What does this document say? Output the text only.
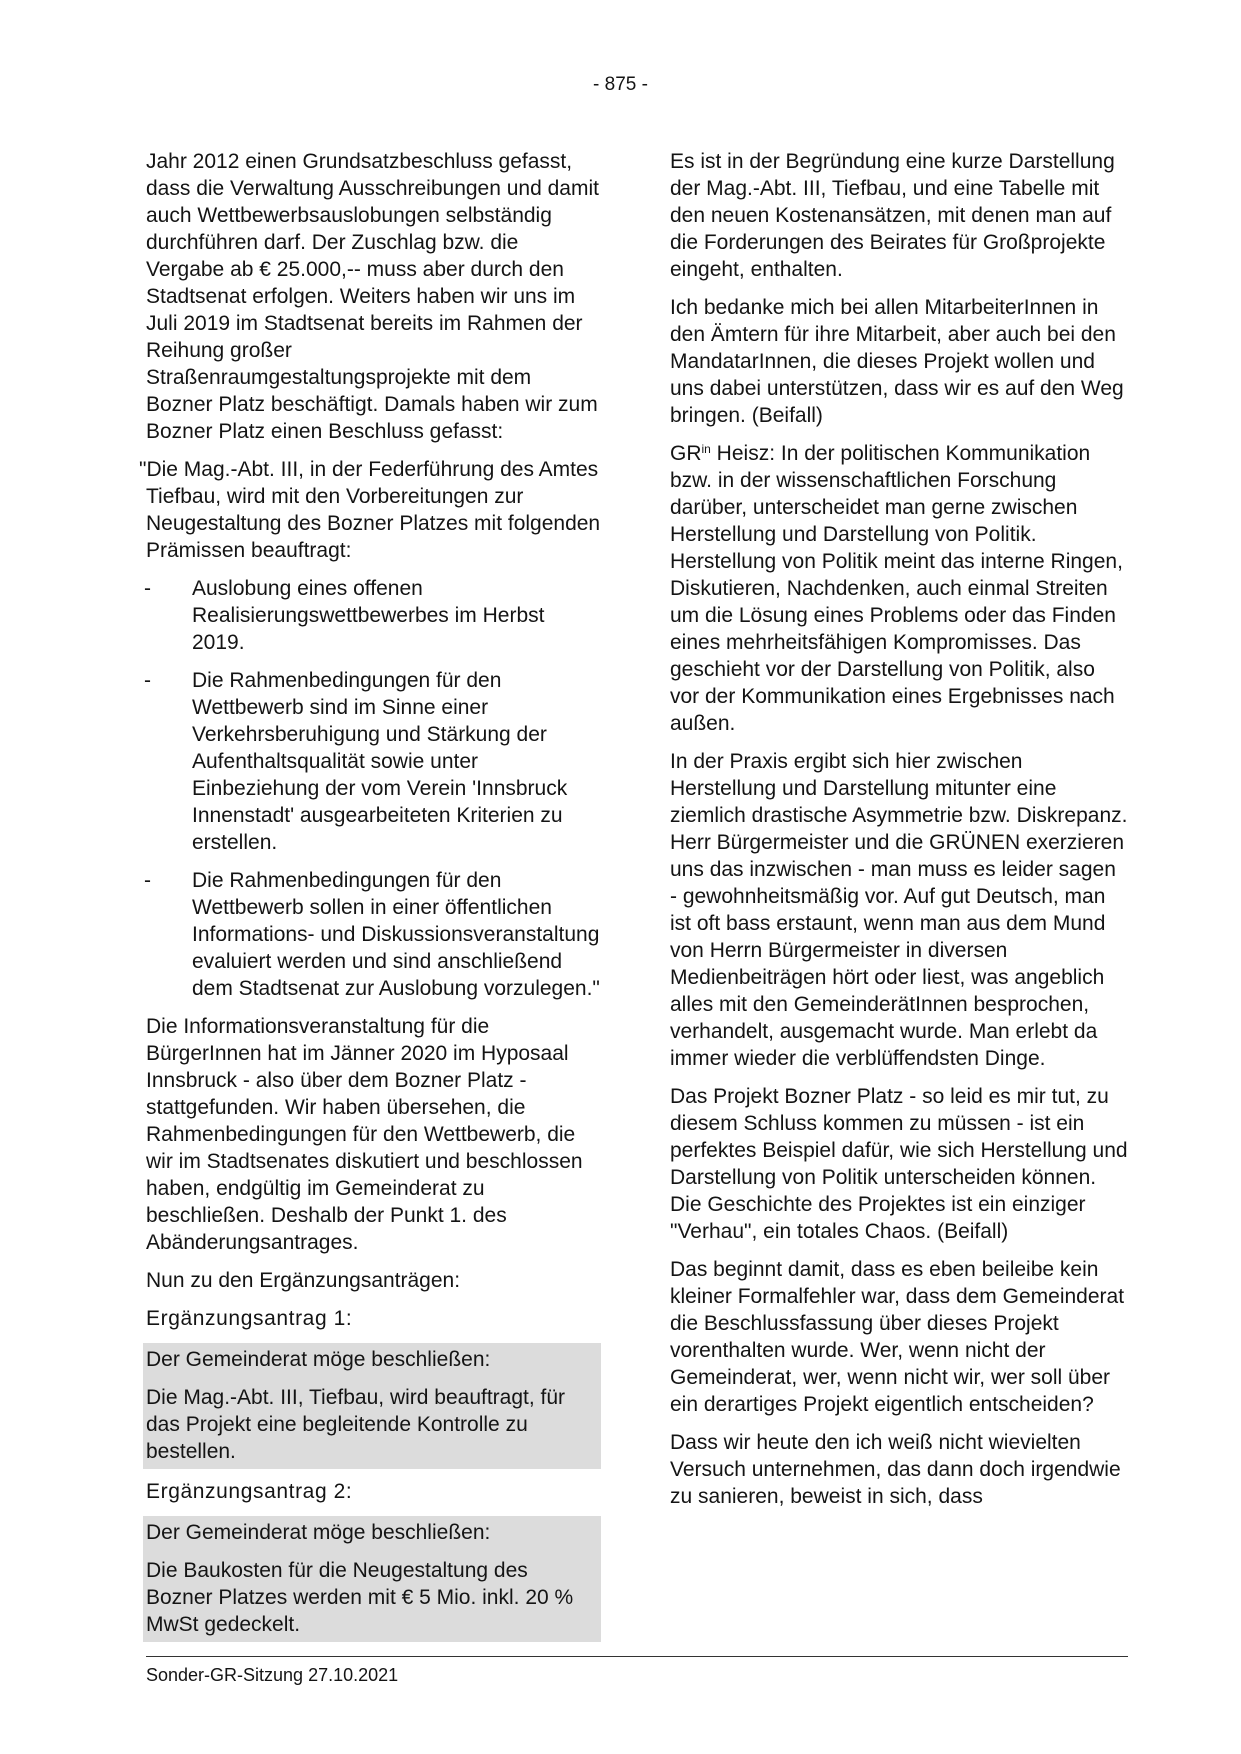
- 875 -

Jahr 2012 einen Grundsatzbeschluss gefasst, dass die Verwaltung Ausschreibungen und damit auch Wettbewerbsauslobungen selbständig durchführen darf. Der Zuschlag bzw. die Vergabe ab € 25.000,-- muss aber durch den Stadtsenat erfolgen. Weiters haben wir uns im Juli 2019 im Stadtsenat bereits im Rahmen der Reihung großer Straßenraumgestaltungsprojekte mit dem Bozner Platz beschäftigt. Damals haben wir zum Bozner Platz einen Beschluss gefasst:

"Die Mag.-Abt. III, in der Federführung des Amtes Tiefbau, wird mit den Vorbereitungen zur Neugestaltung des Bozner Platzes mit folgenden Prämissen beauftragt:

-	Auslobung eines offenen Realisierungswettbewerbes im Herbst 2019.
-	Die Rahmenbedingungen für den Wettbewerb sind im Sinne einer Verkehrsberuhigung und Stärkung der Aufenthaltsqualität sowie unter Einbeziehung der vom Verein 'Innsbruck Innenstadt' ausgearbeiteten Kriterien zu erstellen.
-	Die Rahmenbedingungen für den Wettbewerb sollen in einer öffentlichen Informations- und Diskussionsveranstaltung evaluiert werden und sind anschließend dem Stadtsenat zur Auslobung vorzulegen."

Die Informationsveranstaltung für die BürgerInnen hat im Jänner 2020 im Hyposaal Innsbruck - also über dem Bozner Platz - stattgefunden. Wir haben übersehen, die Rahmenbedingungen für den Wettbewerb, die wir im Stadtsenates diskutiert und beschlossen haben, endgültig im Gemeinderat zu beschließen. Deshalb der Punkt 1. des Abänderungsantrages.

Nun zu den Ergänzungsanträgen:

Ergänzungsantrag 1:

Der Gemeinderat möge beschließen:

Die Mag.-Abt. III, Tiefbau, wird beauftragt, für das Projekt eine begleitende Kontrolle zu bestellen.

Ergänzungsantrag 2:

Der Gemeinderat möge beschließen:

Die Baukosten für die Neugestaltung des Bozner Platzes werden mit € 5 Mio. inkl. 20 % MwSt gedeckelt.

Es ist in der Begründung eine kurze Darstellung der Mag.-Abt. III, Tiefbau, und eine Tabelle mit den neuen Kostenansätzen, mit denen man auf die Forderungen des Beirates für Großprojekte eingeht, enthalten.

Ich bedanke mich bei allen MitarbeiterInnen in den Ämtern für ihre Mitarbeit, aber auch bei den MandatarInnen, die dieses Projekt wollen und uns dabei unterstützen, dass wir es auf den Weg bringen. (Beifall)

$GR^{in}$ Heisz: In der politischen Kommunikation bzw. in der wissenschaftlichen Forschung darüber, unterscheidet man gerne zwischen Herstellung und Darstellung von Politik. Herstellung von Politik meint das interne Ringen, Diskutieren, Nachdenken, auch einmal Streiten um die Lösung eines Problems oder das Finden eines mehrheitsfähigen Kompromisses. Das geschieht vor der Darstellung von Politik, also vor der Kommunikation eines Ergebnisses nach außen.

In der Praxis ergibt sich hier zwischen Herstellung und Darstellung mitunter eine ziemlich drastische Asymmetrie bzw. Diskrepanz. Herr Bürgermeister und die GRÜNEN exerzieren uns das inzwischen - man muss es leider sagen - gewohnheitsmäßig vor. Auf gut Deutsch, man ist oft bass erstaunt, wenn man aus dem Mund von Herrn Bürgermeister in diversen Medienbeiträgen hört oder liest, was angeblich alles mit den GemeinderätInnen besprochen, verhandelt, ausgemacht wurde. Man erlebt da immer wieder die verblüffendsten Dinge.

Das Projekt Bozner Platz - so leid es mir tut, zu diesem Schluss kommen zu müssen - ist ein perfektes Beispiel dafür, wie sich Herstellung und Darstellung von Politik unterscheiden können. Die Geschichte des Projektes ist ein einziger "Verhau", ein totales Chaos. (Beifall)

Das beginnt damit, dass es eben beileibe kein kleiner Formalfehler war, dass dem Gemeinderat die Beschlussfassung über dieses Projekt vorenthalten wurde. Wer, wenn nicht der Gemeinderat, wer, wenn nicht wir, wer soll über ein derartiges Projekt eigentlich entscheiden?

Dass wir heute den ich weiß nicht wievielten Versuch unternehmen, das dann doch irgendwie zu sanieren, beweist in sich, dass

Sonder-GR-Sitzung 27.10.2021
